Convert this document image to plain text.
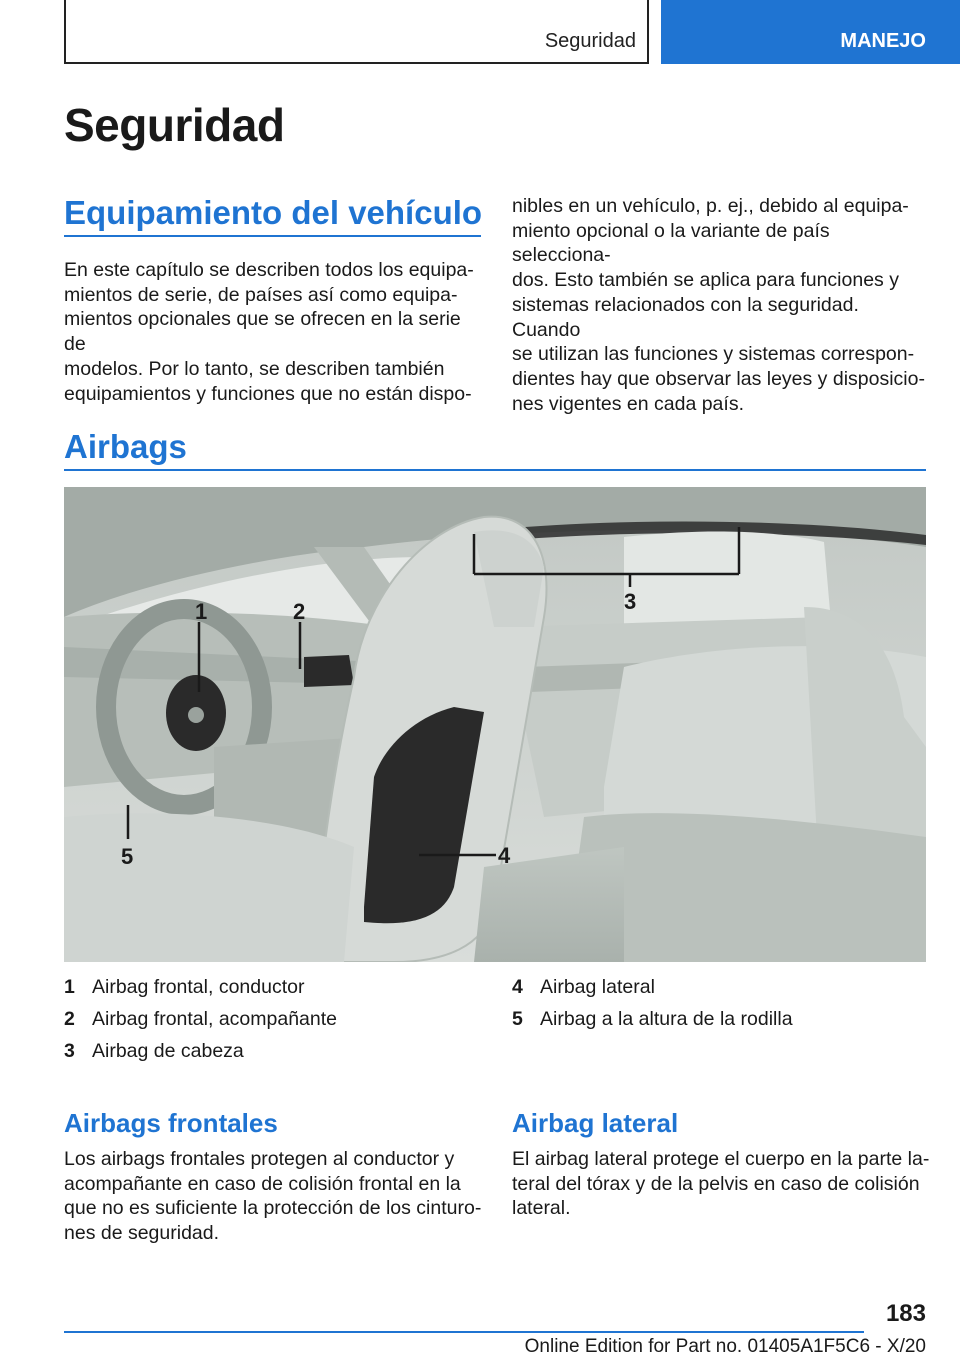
Seguridad	MANEJO
Seguridad
Equipamiento del vehículo
En este capítulo se describen todos los equipa-
mientos de serie, de países así como equipa-
mientos opcionales que se ofrecen en la serie de
modelos. Por lo tanto, se describen también
equipamientos y funciones que no están dispo-
nibles en un vehículo, p. ej., debido al equipa-
miento opcional o la variante de país selecciona-
dos. Esto también se aplica para funciones y
sistemas relacionados con la seguridad. Cuando
se utilizan las funciones y sistemas correspon-
dientes hay que observar las leyes y disposicio-
nes vigentes en cada país.
Airbags
1	2	3
4
5
1 Airbag frontal, conductor
2 Airbag frontal, acompañante
3 Airbag de cabeza
4 Airbag lateral
5 Airbag a la altura de la rodilla
Airbags frontales
Los airbags frontales protegen al conductor y
acompañante en caso de colisión frontal en la
que no es suficiente la protección de los cinturo-
nes de seguridad.
Airbag lateral
El airbag lateral protege el cuerpo en la parte la-
teral del tórax y de la pelvis en caso de colisión
lateral.
183
Online Edition for Part no. 01405A1F5C6 - X/20
